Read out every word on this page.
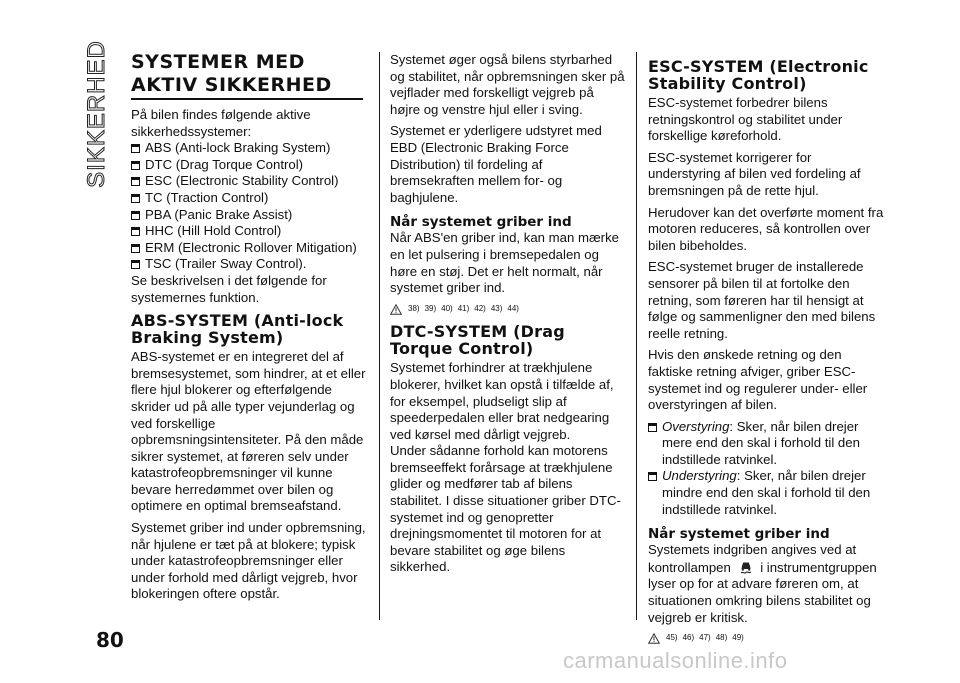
SIKKERHED SYSTEMER MED
AKTIV SIKKERHED

På bilen findes følgende aktive sikkerhedssystemer:

ABS (Anti-lock Braking System)
DTC (Drag Torque Control)
ESC (Electronic Stability Control)
TC (Traction Control)
PBA (Panic Brake Assist)
HHC (Hill Hold Control)
ERM (Electronic Rollover Mitigation)
TSC (Trailer Sway Control).

Se beskrivelsen i det følgende for systemernes funktion.

ABS-SYSTEM (Anti-lock Braking System)

ABS-systemet er en integreret del af bremsesystemet, som hindrer, at et eller flere hjul blokerer og efterfølgende skrider ud på alle typer vejunderlag og ved forskellige opbremsningsintensiteter. På den måde sikrer systemet, at føreren selv under katastrofeopbremsninger vil kunne bevare herredømmet over bilen og optimere en optimal bremseafstand.

Systemet griber ind under opbremsning, når hjulene er tæt på at blokere; typisk under katastrofeopbremsninger eller under forhold med dårligt vejgreb, hvor blokeringen oftere opstår.

Systemet øger også bilens styrbarhed og stabilitet, når opbremsningen sker på vejflader med forskelligt vejgreb på højre og venstre hjul eller i sving.

Systemet er yderligere udstyret med EBD (Electronic Braking Force Distribution) til fordeling af bremsekraften mellem for- og baghjulene.

Når systemet griber ind

Når ABS'en griber ind, kan man mærke en let pulsering i bremsepedalen og høre en støj. Det er helt normalt, når systemet griber ind.

38) 39) 40) 41) 42) 43) 44)
DTC-SYSTEM (Drag Torque Control)

Systemet forhindrer at trækhjulene blokerer, hvilket kan opstå i tilfælde af, for eksempel, pludseligt slip af speederpedalen eller brat nedgearing ved kørsel med dårligt vejgreb.

Under sådanne forhold kan motorens bremseeffekt forårsage at trækhjulene glider og medfører tab af bilens stabilitet. I disse situationer griber DTC-systemet ind og genopretter drejningsmomentet til motoren for at bevare stabilitet og øge bilens sikkerhed.

ESC-SYSTEM (Electronic Stability Control)

ESC-systemet forbedrer bilens retningskontrol og stabilitet under forskellige køreforhold.

ESC-systemet korrigerer for understyring af bilen ved fordeling af bremsningen på de rette hjul.

Herudover kan det overførte moment fra motoren reduceres, så kontrollen over bilen bibeholdes.

ESC-systemet bruger de installerede sensorer på bilen til at fortolke den retning, som føreren har til hensigt at følge og sammenligner den med bilens reelle retning.

Hvis den ønskede retning og den faktiske retning afviger, griber ESC-systemet ind og regulerer under- eller overstyringen af bilen.

Overstyring: Sker, når bilen drejer mere end den skal i forhold til den indstillede ratvinkel.
Understyring: Sker, når bilen drejer mindre end den skal i forhold til den indstillede ratvinkel.
Når systemet griber ind

Systemets indgriben angives ved at kontrollampen i instrumentgruppen lyser op for at advare føreren om, at situationen omkring bilens stabilitet og vejgreb er kritisk.

45) 46) 47) 48) 49)
80
carmanualsonline.info
